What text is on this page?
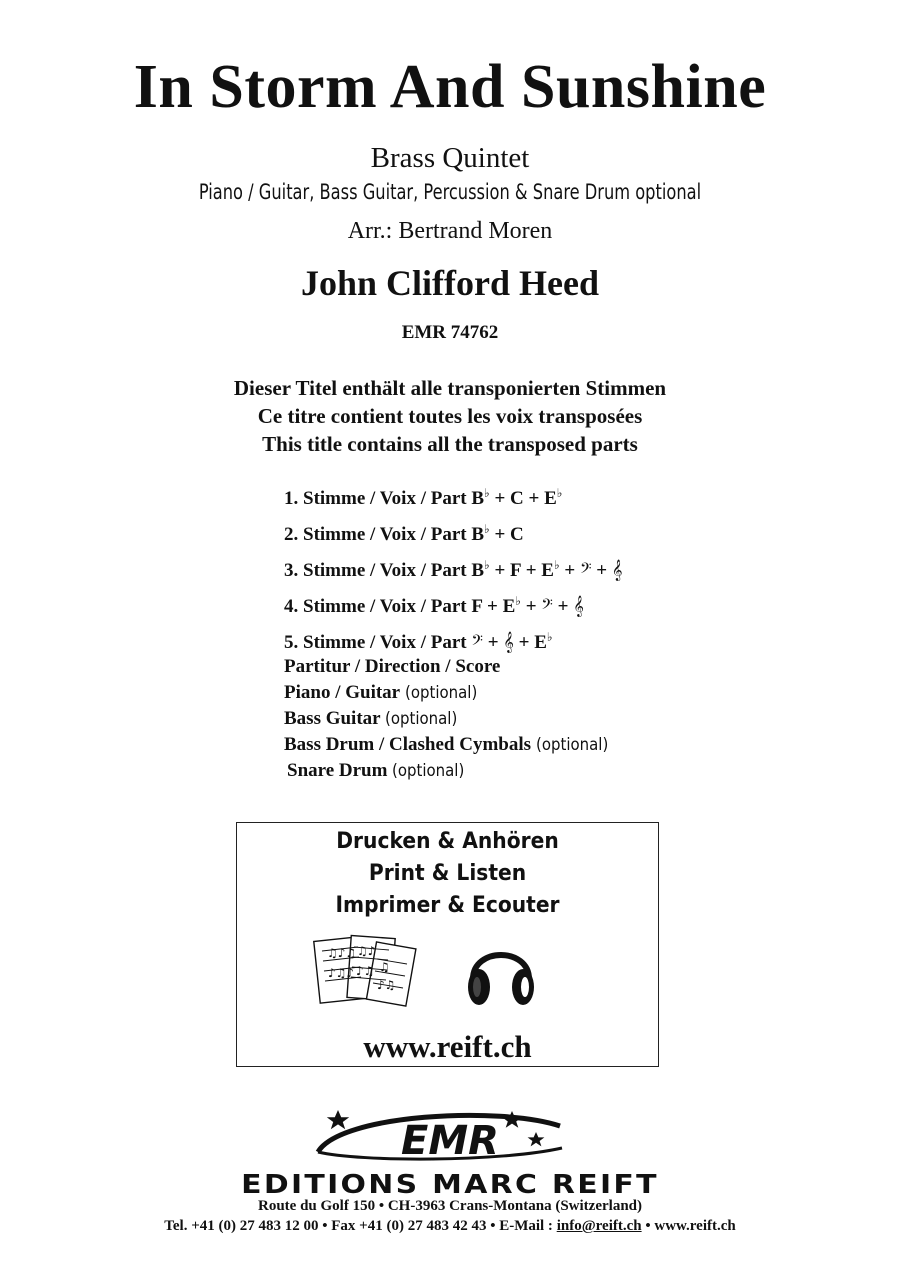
In Storm And Sunshine
Brass Quintet
Piano / Guitar, Bass Guitar, Percussion & Snare Drum optional
Arr.: Bertrand Moren
John Clifford Heed
EMR 74762
Dieser Titel enthält alle transponierten Stimmen
Ce titre contient toutes les voix transposées
This title contains all the transposed parts
1. Stimme / Voix / Part B♭ + C + E♭
2. Stimme / Voix / Part B♭ + C
3. Stimme / Voix / Part B♭ + F + E♭ + 𝄢 + 𝄞
4. Stimme / Voix / Part F + E♭ + 𝄢 + 𝄞
5. Stimme / Voix / Part 𝄢 + 𝄞 + E♭
Partitur / Direction / Score
Piano / Guitar (optional)
Bass Guitar (optional)
Bass Drum / Clashed Cymbals (optional)
Snare Drum (optional)
Drucken & Anhören
Print & Listen
Imprimer & Ecouter
♫♪♫
♪♫♪
♫♪
♪♫ ♫
♪♫
www.reift.ch
EMR
EDITIONS MARC REIFT
Route du Golf 150 • CH-3963 Crans-Montana (Switzerland)
Tel. +41 (0) 27 483 12 00 • Fax +41 (0) 27 483 42 43 • E-Mail : info@reift.ch • www.reift.ch
